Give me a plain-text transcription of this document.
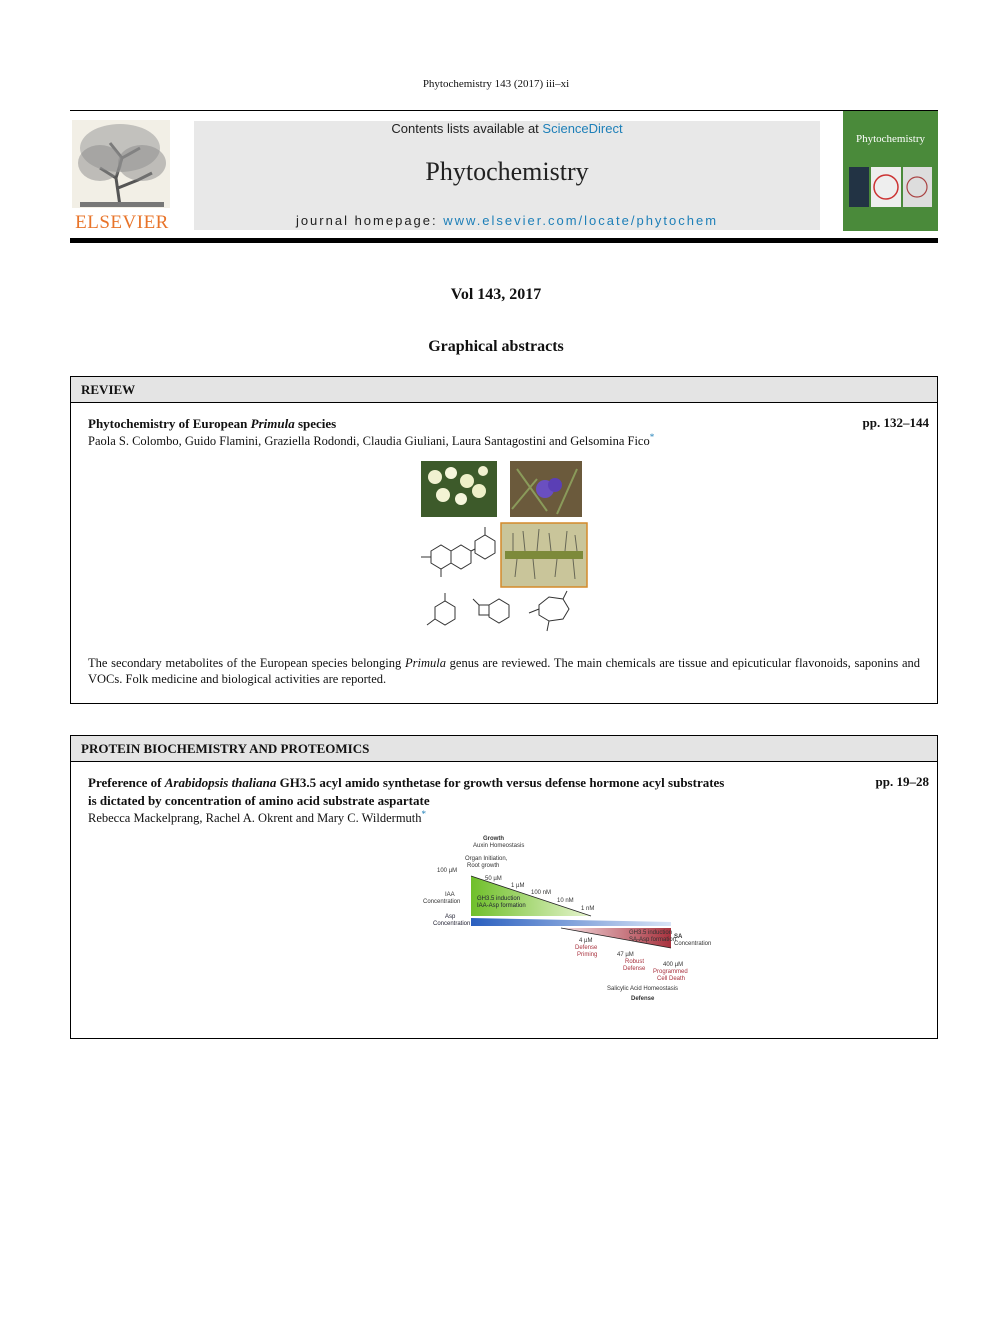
Phytochemistry 143 (2017) iii–xi
ELSEVIER
Contents lists available at ScienceDirect
Phytochemistry
journal homepage: www.elsevier.com/locate/phytochem
Phytochemistry
Vol 143, 2017
Graphical abstracts
REVIEW
Phytochemistry of European Primula species	pp. 132–144
Paola S. Colombo, Guido Flamini, Graziella Rodondi, Claudia Giuliani, Laura Santagostini and Gelsomina Fico*
The secondary metabolites of the European species belonging Primula genus are reviewed. The main chemicals are tissue and epicuticular flavonoids, saponins and VOCs. Folk medicine and biological activities are reported.
PROTEIN BIOCHEMISTRY AND PROTEOMICS
Preference of Arabidopsis thaliana GH3.5 acyl amido synthetase for growth versus defense hormone acyl substrates
is dictated by concentration of amino acid substrate aspartate
pp. 19–28
Rebecca Mackelprang, Rachel A. Okrent and Mary C. Wildermuth*
Growth
Auxin Homeostasis
Organ Initiation,
Root growth
100 µM
50 µM
1 µM
100 nM
10 nM
1 nM
IAA
Concentration	GH3.5 induction
IAA-Asp formation
Asp
Concentration
GH3.5 induction
SA-Asp formation
SA
Concentration
4 µM
Defense
Priming	47 µM
Robust
Defense
400 µM
Programmed
Cell Death
Salicylic Acid Homeostasis
Defense
